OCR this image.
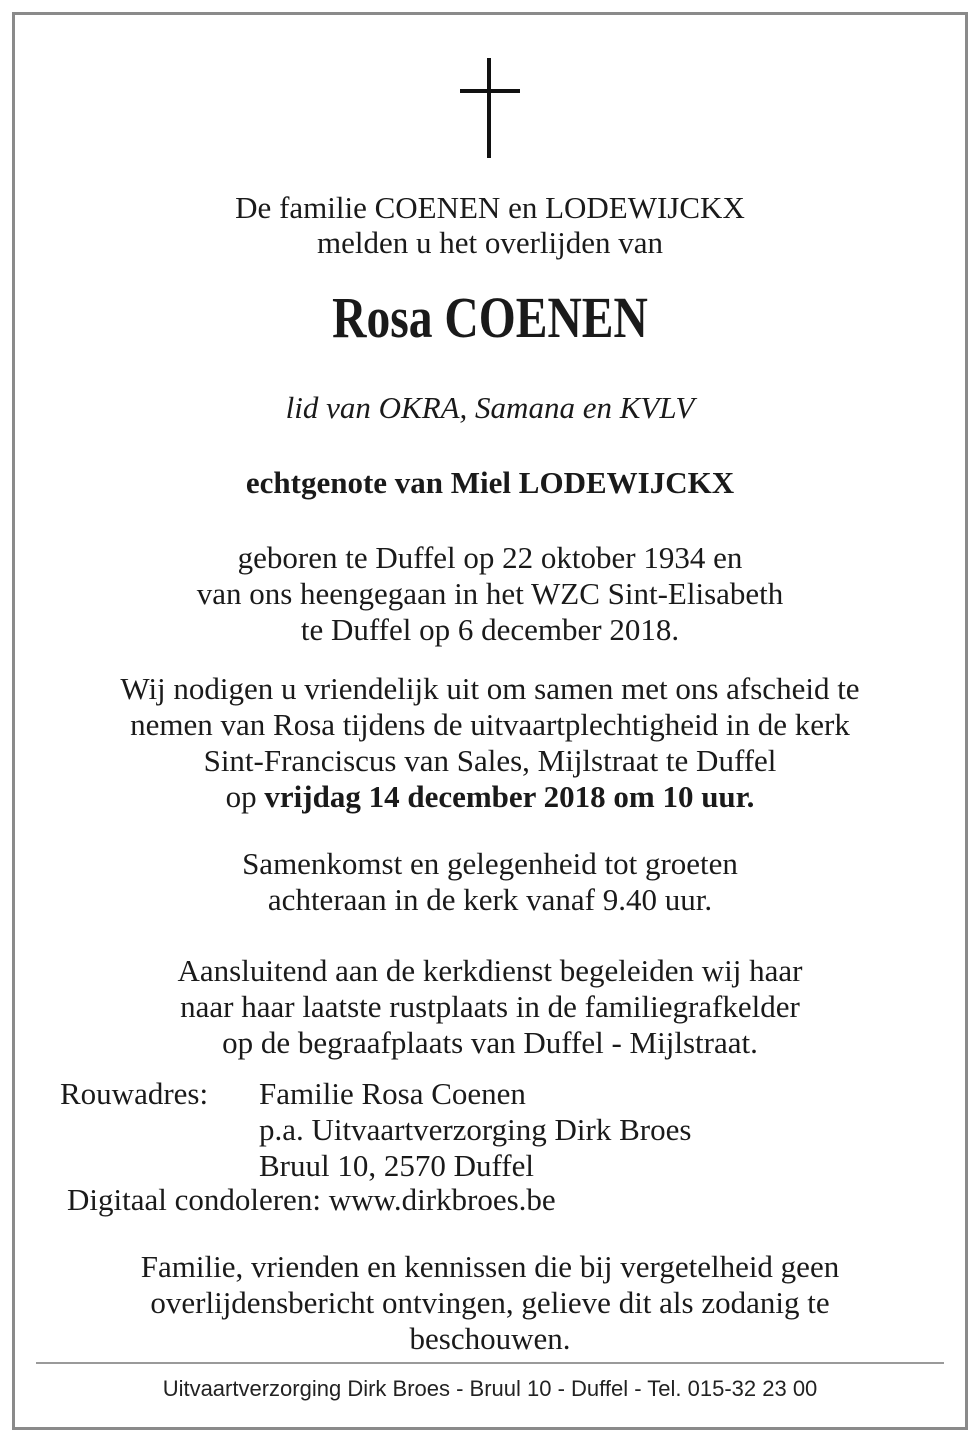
De familie COENEN en LODEWIJCKX
melden u het overlijden van
Rosa COENEN
lid van OKRA, Samana en KVLV
echtgenote van Miel LODEWIJCKX
geboren te Duffel op 22 oktober 1934 en
van ons heengegaan in het WZC Sint-Elisabeth
te Duffel op 6 december 2018.
Wij nodigen u vriendelijk uit om samen met ons afscheid te
nemen van Rosa tijdens de uitvaartplechtigheid in de kerk
Sint-Franciscus van Sales, Mijlstraat te Duffel
op vrijdag 14 december 2018 om 10 uur.
Samenkomst en gelegenheid tot groeten
achteraan in de kerk vanaf 9.40 uur.
Aansluitend aan de kerkdienst begeleiden wij haar
naar haar laatste rustplaats in de familiegrafkelder
op de begraafplaats van Duffel - Mijlstraat.
Rouwadres: Familie Rosa Coenen
p.a. Uitvaartverzorging Dirk Broes
Bruul 10, 2570 Duffel
Digitaal condoleren: www.dirkbroes.be
Familie, vrienden en kennissen die bij vergetelheid geen
overlijdensbericht ontvingen, gelieve dit als zodanig te
beschouwen.
Uitvaartverzorging Dirk Broes - Bruul 10 - Duffel - Tel. 015-32 23 00
